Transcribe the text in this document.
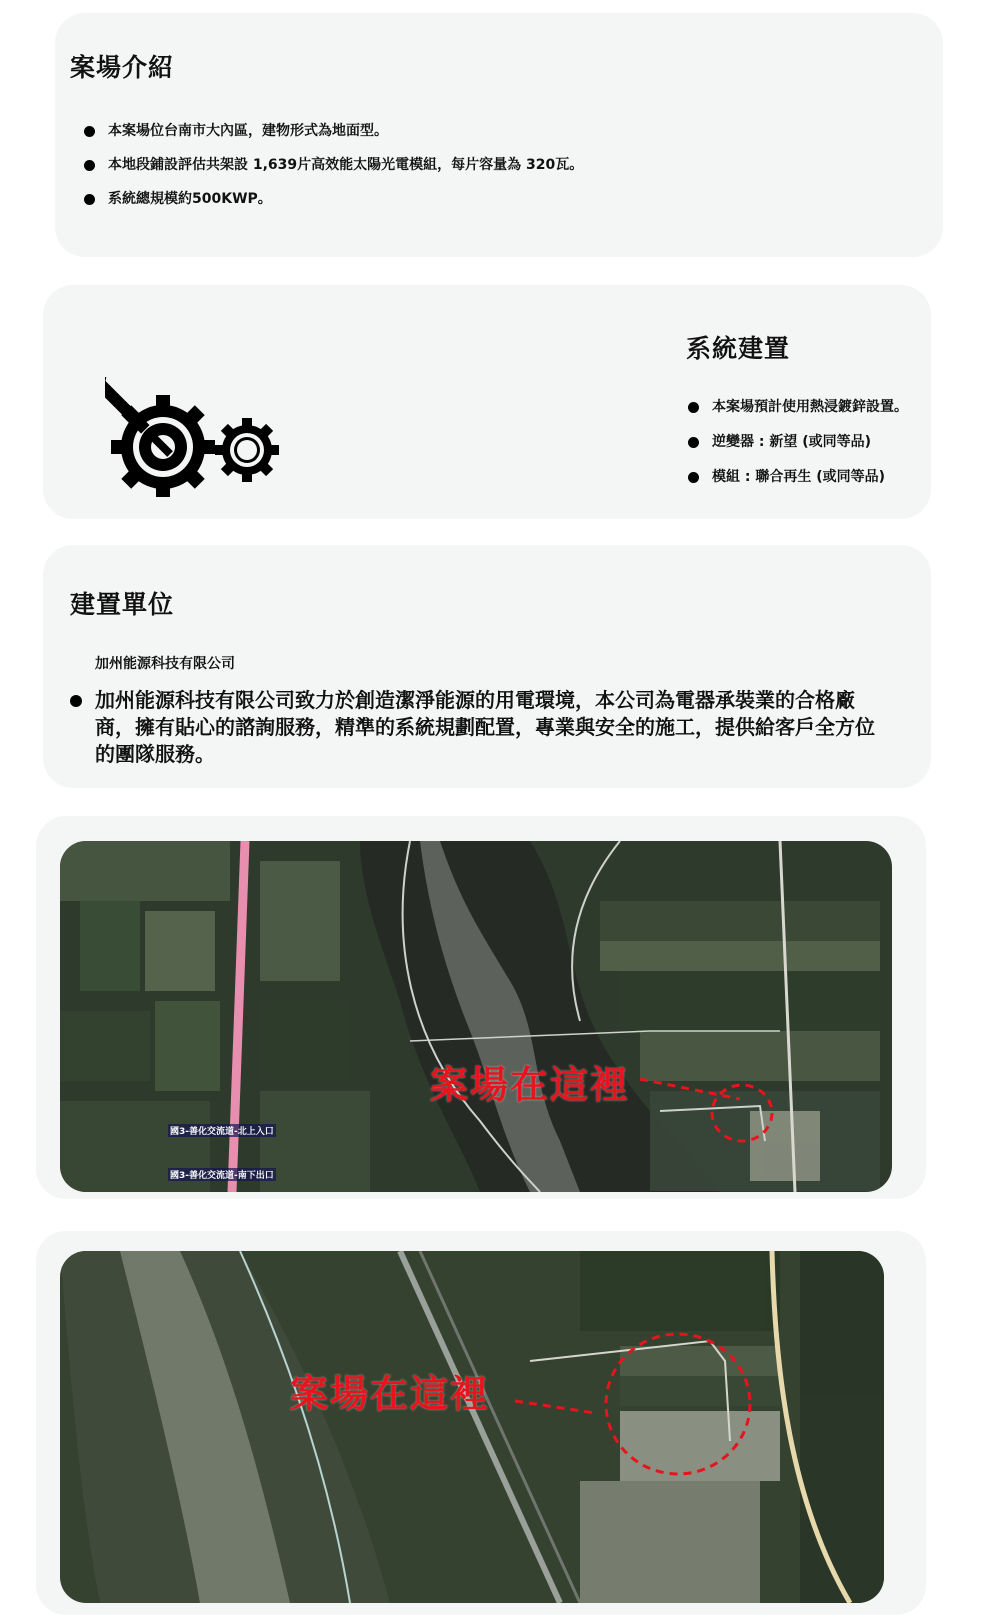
案場介紹
本案場位台南市大內區，建物形式為地面型。
本地段鋪設評估共架設 1,639片高效能太陽光電模組，每片容量為 320瓦。
系統總規模約500KWP。
系統建置
本案場預計使用熱浸鍍鋅設置。
逆變器 : 新望 (或同等品)
模組 : 聯合再生 (或同等品)
建置單位
加州能源科技有限公司
加州能源科技有限公司致力於創造潔淨能源的用電環境，本公司為電器承裝業的合格廠商，擁有貼心的諮詢服務，精準的系統規劃配置，專業與安全的施工，提供給客戶全方位的團隊服務。
案場在這裡
國3-善化交流道-北上入口
國3-善化交流道-南下出口
案場在這裡
